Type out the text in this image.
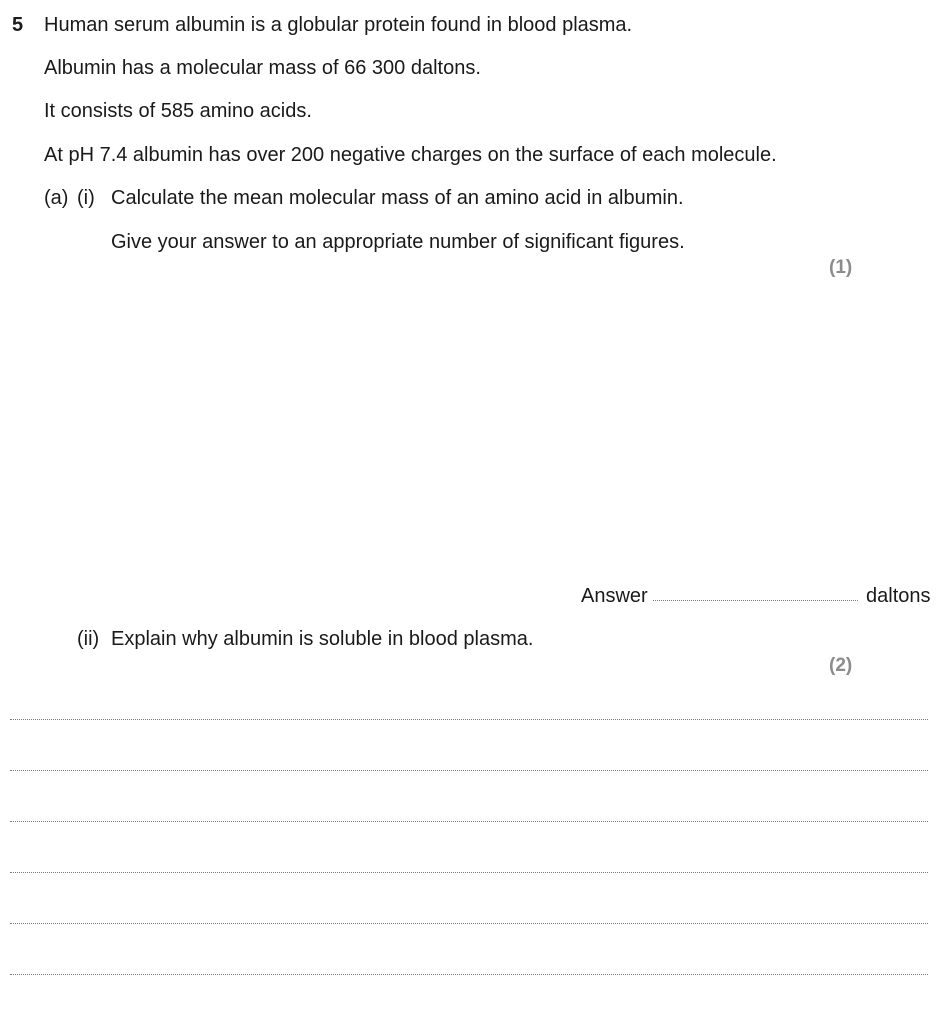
5 Human serum albumin is a globular protein found in blood plasma.
Albumin has a molecular mass of 66 300 daltons.
It consists of 585 amino acids.
At pH 7.4 albumin has over 200 negative charges on the surface of each molecule.
(a) (i) Calculate the mean molecular mass of an amino acid in albumin.
Give your answer to an appropriate number of significant figures.
(1)
Answer	daltons
(ii) Explain why albumin is soluble in blood plasma.
(2)
